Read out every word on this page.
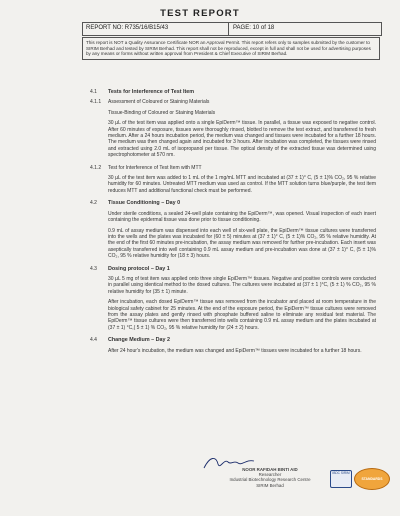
TEST REPORT
REPORT NO: R735/16/B15/43	PAGE: 10 of 18
This report is NOT a Quality Assurance Certificate NOR an Approval Permit. This report refers only to samples submitted by the customer to SIRIM Berhad and tested by SIRIM Berhad. This report shall not be reproduced, except in full and shall not be used for advertising purposes by any means or forms without written approval from President & Chief Executive of SIRIM Berhad.
4.1 Tests for Interference of Test Item
4.1.1 Assessment of Coloured or Staining Materials
Tissue-Binding of Coloured or Staining Materials
30 µL of the test item was applied onto a single EpiDerm™ tissue. In parallel, a tissue was exposed to negative control. After 60 minutes of exposure, tissues were thoroughly rinsed, blotted to remove the test extract, and transferred to fresh medium. After a 24 hours incubation period, the medium was changed and tissues were incubated for a further 18 hours. The medium was then changed again and incubated for 3 hours. After incubation was completed, the tissues were rinsed and extracted using 2.0 mL of isopropanol per tissue. The optical density of the extracted tissue was determined using spectrophotometer at 570 nm.
4.1.2 Test for Interference of Test Item with MTT
30 µL of the test item was added to 1 mL of the 1 mg/mL MTT and incubated at (37 ± 1)° C, (5 ± 1)% CO₂, 95 % relative humidity for 60 minutes. Untreated MTT medium was used as control. If the MTT solution turns blue/purple, the test item reduces MTT and additional functional check must be performed.
4.2 Tissue Conditioning – Day 0
Under sterile conditions, a sealed 24-well plate containing the EpiDerm™, was opened. Visual inspection of each insert containing the epidermal tissue was done prior to tissue conditioning.
0.9 mL of assay medium was dispensed into each well of six-well plate, the EpiDerm™ tissue cultures were transferred into the wells and the plates was incubated for (60 ± 5) minutes at (37 ± 1)° C, (5 ± 1)% CO₂, 95 % relative humidity. At the end of the first 60 minutes pre-incubation, the assay medium was removed for further pre-incubation. Each insert was aseptically transferred into well containing 0.9 mL assay medium and pre-incubation was done at (37 ± 1)° C, (5 ± 1)% CO₂, 95 % relative humidity for (18 ± 3) hours.
4.3 Dosing protocol – Day 1
30 µL 5 mg of test item was applied onto three single EpiDerm™ tissues. Negative and positive controls were conducted in parallel using identical method to the dosed cultures. The cultures were incubated at (37 ± 1 )°C, (5 ± 1) % CO₂, 95 % relative humidity for (35 ± 1) minute.
After incubation, each dosed EpiDerm™ tissue was removed from the incubator and placed at room temperature in the biological safety cabinet for 25 minutes. At the end of the exposure period, the EpiDerm™ tissue cultures were removed from the assay plates and gently rinsed with phosphate buffered saline to eliminate any residual test material. The EpiDerm™ tissue cultures were then transferred into wells containing 0.9 mL assay medium and the plates incubated at (37 ± 1) °C,( 5 ± 1) % CO₂, 95 % relative humidity for (24 ± 2) hours.
4.4 Change Medium – Day 2
After 24 hour's incubation, the medium was changed and EpiDerm™ tissues were incubated for a further 18 hours.
NOOR RAFIDAH BINTI AID
Researcher
Industrial Biotechnology Research Centre
SIRIM Berhad
IBDC SIRIM
STANDARDS
